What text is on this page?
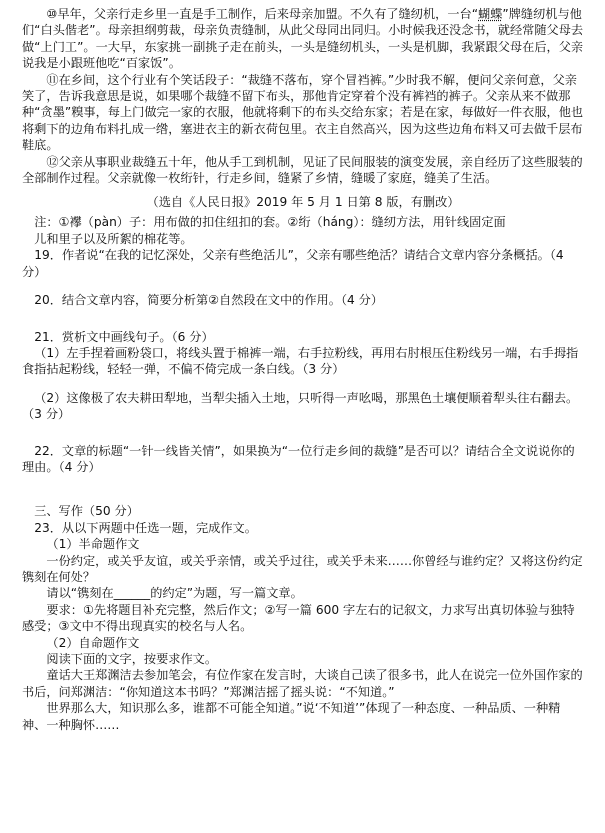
⑩早年，父亲行走乡里一直是手工制作，后来母亲加盟。不久有了缝纫机，一台“蝴蝶”牌缝纫机与他们“白头偕老”。母亲担纲剪裁，母亲负责缝制，从此父母同出同归。小时候我还没念书，就经常随父母去做“上门工”。一大早，东家挑一副挑子走在前头，一头是缝纫机头，一头是机脚，我紧跟父母在后，父亲说我是小跟班他吃“百家饭”。

⑪在乡间，这个行业有个笑话段子：“裁缝不落布，穿个冒裆裤。”少时我不解，便问父亲何意，父亲笑了，告诉我意思是说，如果哪个裁缝不留下布头，那他肯定穿着个没有裤裆的裤子。父亲从来不做那种“贪墨”糗事，每上门做完一家的衣服，他就将剩下的布头交给东家；若是在家，每做好一件衣服，他也将剩下的边角布料扎成一绺，塞进衣主的新衣荷包里。衣主自然高兴，因为这些边角布料又可去做千层布鞋底。

⑫父亲从事职业裁缝五十年，他从手工到机制，见证了民间服装的演变发展，亲自经历了这些服装的全部制作过程。父亲就像一枚绗针，行走乡间，缝紧了乡情，缝暖了家庭，缝美了生活。

（选自《人民日报》2019 年 5 月 1 日第 8 版，有删改）

注：①襻（pàn）子：用布做的扣住纽扣的套。②绗（háng）：缝纫方法，用针线固定面

儿和里子以及所絮的棉花等。

19．作者说“在我的记忆深处，父亲有些绝活儿”，父亲有哪些绝活？请结合文章内容分条概括。（4 分）

20．结合文章内容，简要分析第②自然段在文中的作用。（4 分）

21．赏析文中画线句子。（6 分）

（1）左手捏着画粉袋口，将线头置于棉裤一端，右手拉粉线，再用右肘根压住粉线另一端，右手拇指食指拈起粉线，轻轻一弹，不偏不倚完成一条白线。（3 分）

（2）这像极了农夫耕田犁地，当犁尖插入土地，只听得一声吆喝，那黑色土壤便顺着犁头往右翻去。（3 分）

22．文章的标题“一针一线皆关情”，如果换为“一位行走乡间的裁缝”是否可以？请结合全文说说你的理由。（4 分）

三、写作（50 分）

23．从以下两题中任选一题，完成作文。

（1）半命题作文

一份约定，或关乎友谊，或关乎亲情，或关乎过往，或关乎未来……你曾经与谁约定？又将这份约定镌刻在何处？

请以“镌刻在______的约定”为题，写一篇文章。

要求：①先将题目补充完整，然后作文；②写一篇 600 字左右的记叙文，力求写出真切体验与独特感受；③文中不得出现真实的校名与人名。

（2）自命题作文

阅读下面的文字，按要求作文。

童话大王郑渊洁去参加笔会，有位作家在发言时，大谈自己读了很多书，此人在说完一位外国作家的书后，问郑渊洁：“你知道这本书吗？”郑渊洁摇了摇头说：“不知道。”

世界那么大，知识那么多，谁都不可能全知道。”说‘不知道’”体现了一种态度、一种品质、一种精神、一种胸怀……
